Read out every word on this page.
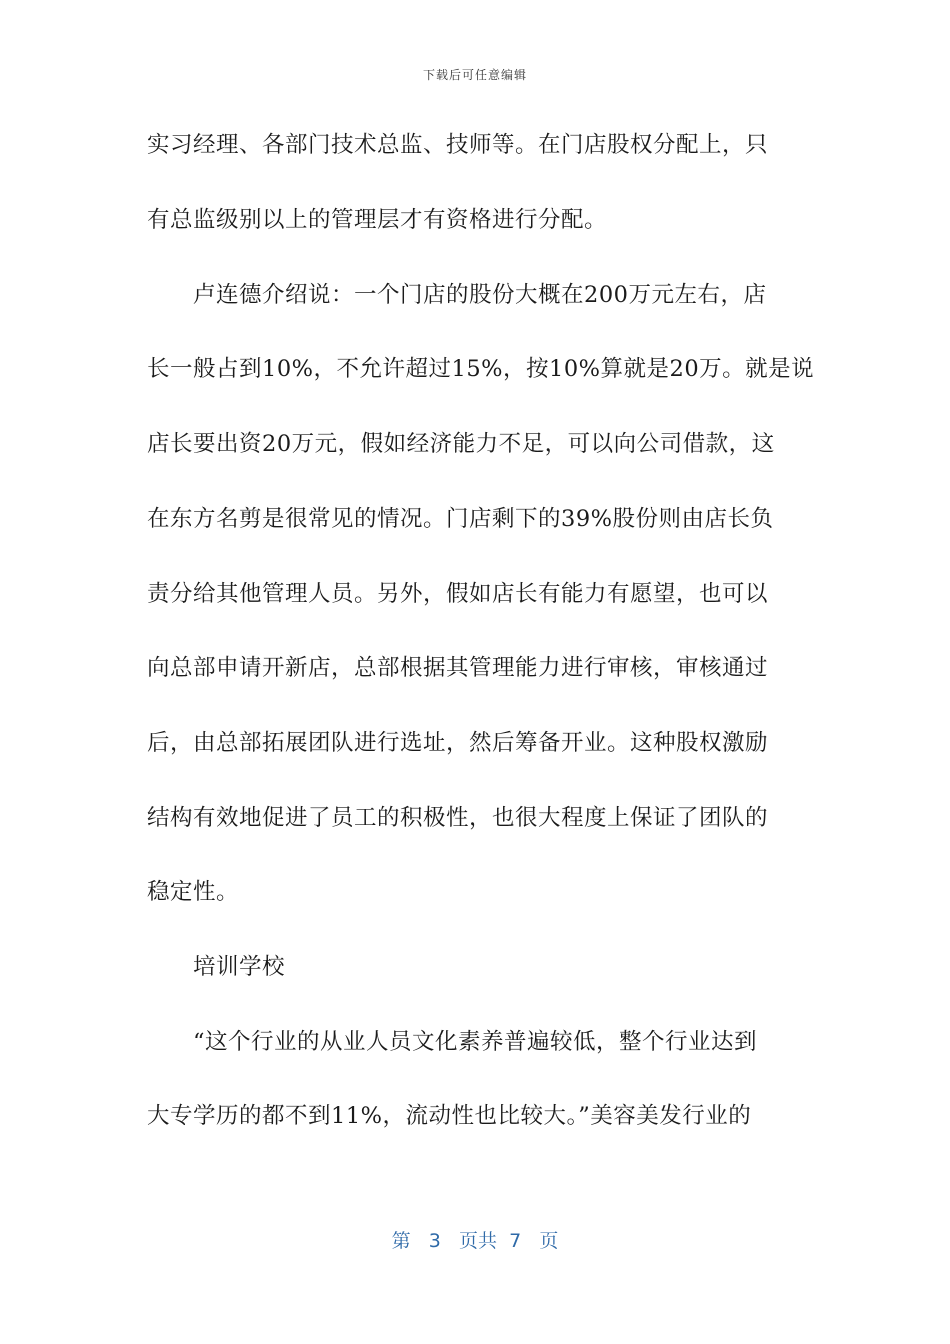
下载后可任意编辑
实习经理、各部门技术总监、技师等。在门店股权分配上，只
有总监级别以上的管理层才有资格进行分配。
　　卢连德介绍说：一个门店的股份大概在200万元左右，店
长一般占到10%，不允许超过15%，按10%算就是20万。就是说
店长要出资20万元，假如经济能力不足，可以向公司借款，这
在东方名剪是很常见的情况。门店剩下的39%股份则由店长负
责分给其他管理人员。另外，假如店长有能力有愿望，也可以
向总部申请开新店，总部根据其管理能力进行审核，审核通过
后，由总部拓展团队进行选址，然后筹备开业。这种股权激励
结构有效地促进了员工的积极性，也很大程度上保证了团队的
稳定性。
　　培训学校
　　“这个行业的从业人员文化素养普遍较低，整个行业达到
大专学历的都不到11%，流动性也比较大。”美容美发行业的
第 3 页共 7 页
